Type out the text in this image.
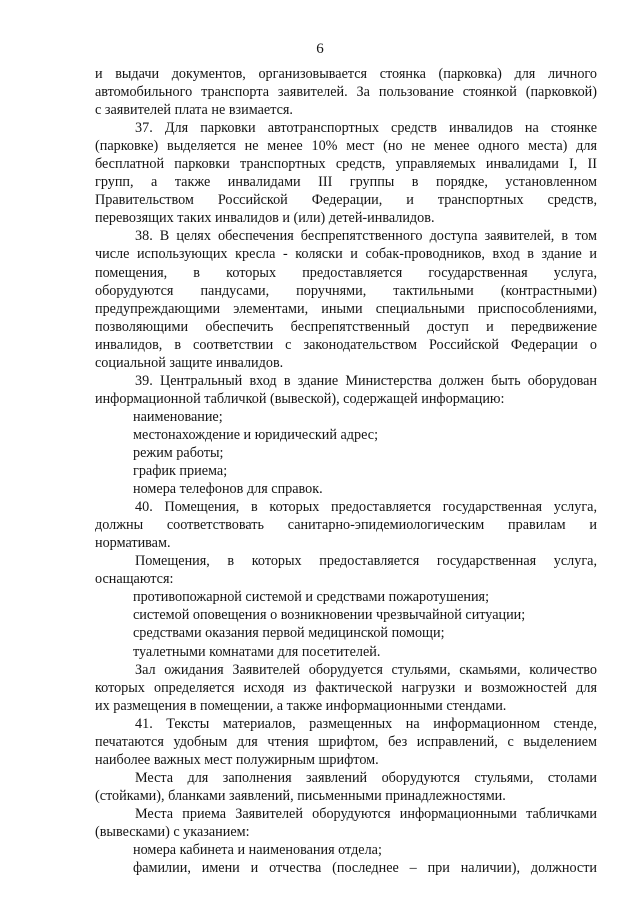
6
и выдачи документов, организовывается стоянка (парковка) для личного
автомобильного транспорта заявителей. За пользование стоянкой (парковкой)
с заявителей плата не взимается.
37. Для парковки автотранспортных средств инвалидов на стоянке
(парковке) выделяется не менее 10% мест (но не менее одного места) для
бесплатной парковки транспортных средств, управляемых инвалидами I, II
групп, а также инвалидами III группы в порядке, установленном
Правительством Российской Федерации, и транспортных средств,
перевозящих таких инвалидов и (или) детей-инвалидов.
38. В целях обеспечения беспрепятственного доступа заявителей, в том
числе использующих кресла - коляски и собак-проводников, вход в здание и
помещения, в которых предоставляется государственная услуга,
оборудуются пандусами, поручнями, тактильными (контрастными)
предупреждающими элементами, иными специальными приспособлениями,
позволяющими обеспечить беспрепятственный доступ и передвижение
инвалидов, в соответствии с законодательством Российской Федерации о
социальной защите инвалидов.
39. Центральный вход в здание Министерства должен быть оборудован
информационной табличкой (вывеской), содержащей информацию:
наименование;
местонахождение и юридический адрес;
режим работы;
график приема;
номера телефонов для справок.
40. Помещения, в которых предоставляется государственная услуга,
должны соответствовать санитарно-эпидемиологическим правилам и
нормативам.
Помещения, в которых предоставляется государственная услуга,
оснащаются:
противопожарной системой и средствами пожаротушения;
системой оповещения о возникновении чрезвычайной ситуации;
средствами оказания первой медицинской помощи;
туалетными комнатами для посетителей.
Зал ожидания Заявителей оборудуется стульями, скамьями, количество
которых определяется исходя из фактической нагрузки и возможностей для
их размещения в помещении, а также информационными стендами.
41. Тексты материалов, размещенных на информационном стенде,
печатаются удобным для чтения шрифтом, без исправлений, с выделением
наиболее важных мест полужирным шрифтом.
Места для заполнения заявлений оборудуются стульями, столами
(стойками), бланками заявлений, письменными принадлежностями.
Места приема Заявителей оборудуются информационными табличками
(вывесками) с указанием:
номера кабинета и наименования отдела;
фамилии, имени и отчества (последнее – при наличии), должности
